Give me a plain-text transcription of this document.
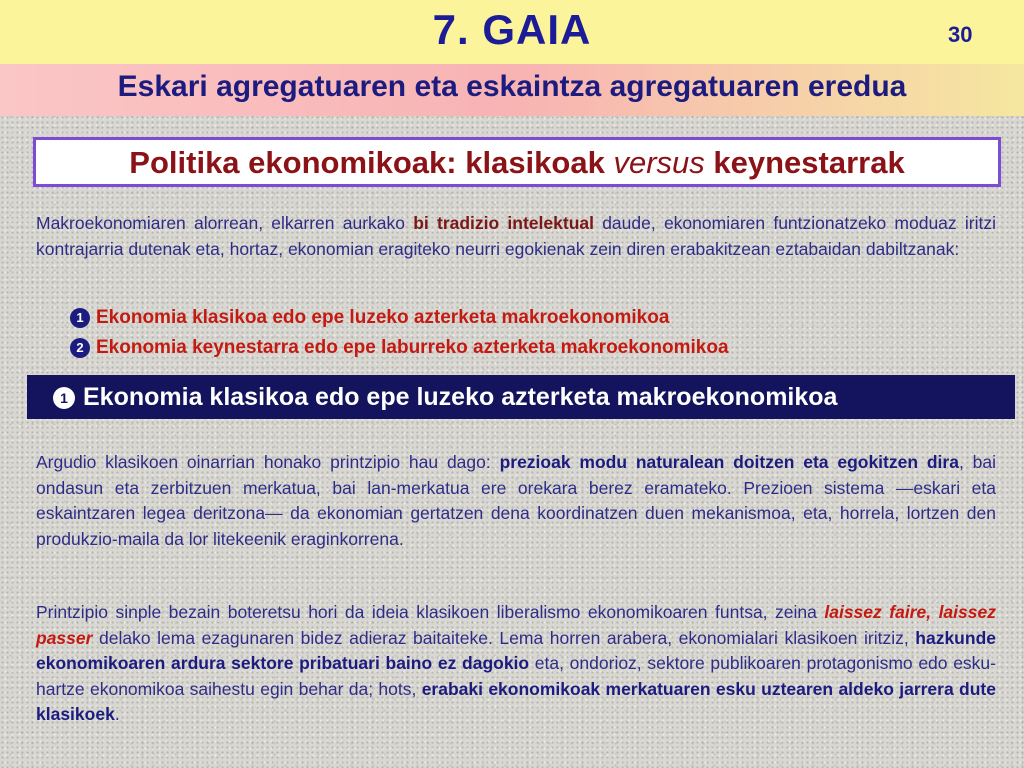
7. GAIA	30
Eskari agregatuaren eta eskaintza agregatuaren eredua
Politika ekonomikoak: klasikoak versus keynestarrak
Makroekonomiaren alorrean, elkarren aurkako bi tradizio intelektual daude, ekonomiaren funtzionatzeko moduaz iritzi kontrajarria dutenak eta, hortaz, ekonomian eragiteko neurri egokienak zein diren erabakitzean eztabaidan dabiltzanak:
1 Ekonomia klasikoa edo epe luzeko azterketa makroekonomikoa
2 Ekonomia keynestarra edo epe laburreko azterketa makroekonomikoa
1 Ekonomia klasikoa edo epe luzeko azterketa makroekonomikoa
Argudio klasikoen oinarrian honako printzipio hau dago: prezioak modu naturalean doitzen eta egokitzen dira, bai ondasun eta zerbitzuen merkatua, bai lan-merkatua ere orekara berez eramateko. Prezioen sistema —eskari eta eskaintzaren legea deritzona— da ekonomian gertatzen dena koordinatzen duen mekanismoa, eta, horrela, lortzen den produkzio-maila da lor litekeenik eraginkorrena.
Printzipio sinple bezain boteretsu hori da ideia klasikoen liberalismo ekonomikoaren funtsa, zeina laissez faire, laissez passer delako lema ezagunaren bidez adieraz baitaiteke. Lema horren arabera, ekonomialari klasikoen iritziz, hazkunde ekonomikoaren ardura sektore pribatuari baino ez dagokio eta, ondorioz, sektore publikoaren protagonismo edo esku-hartze ekonomikoa saihestu egin behar da; hots, erabaki ekonomikoak merkatuaren esku uztearen aldeko jarrera dute klasikoek.
